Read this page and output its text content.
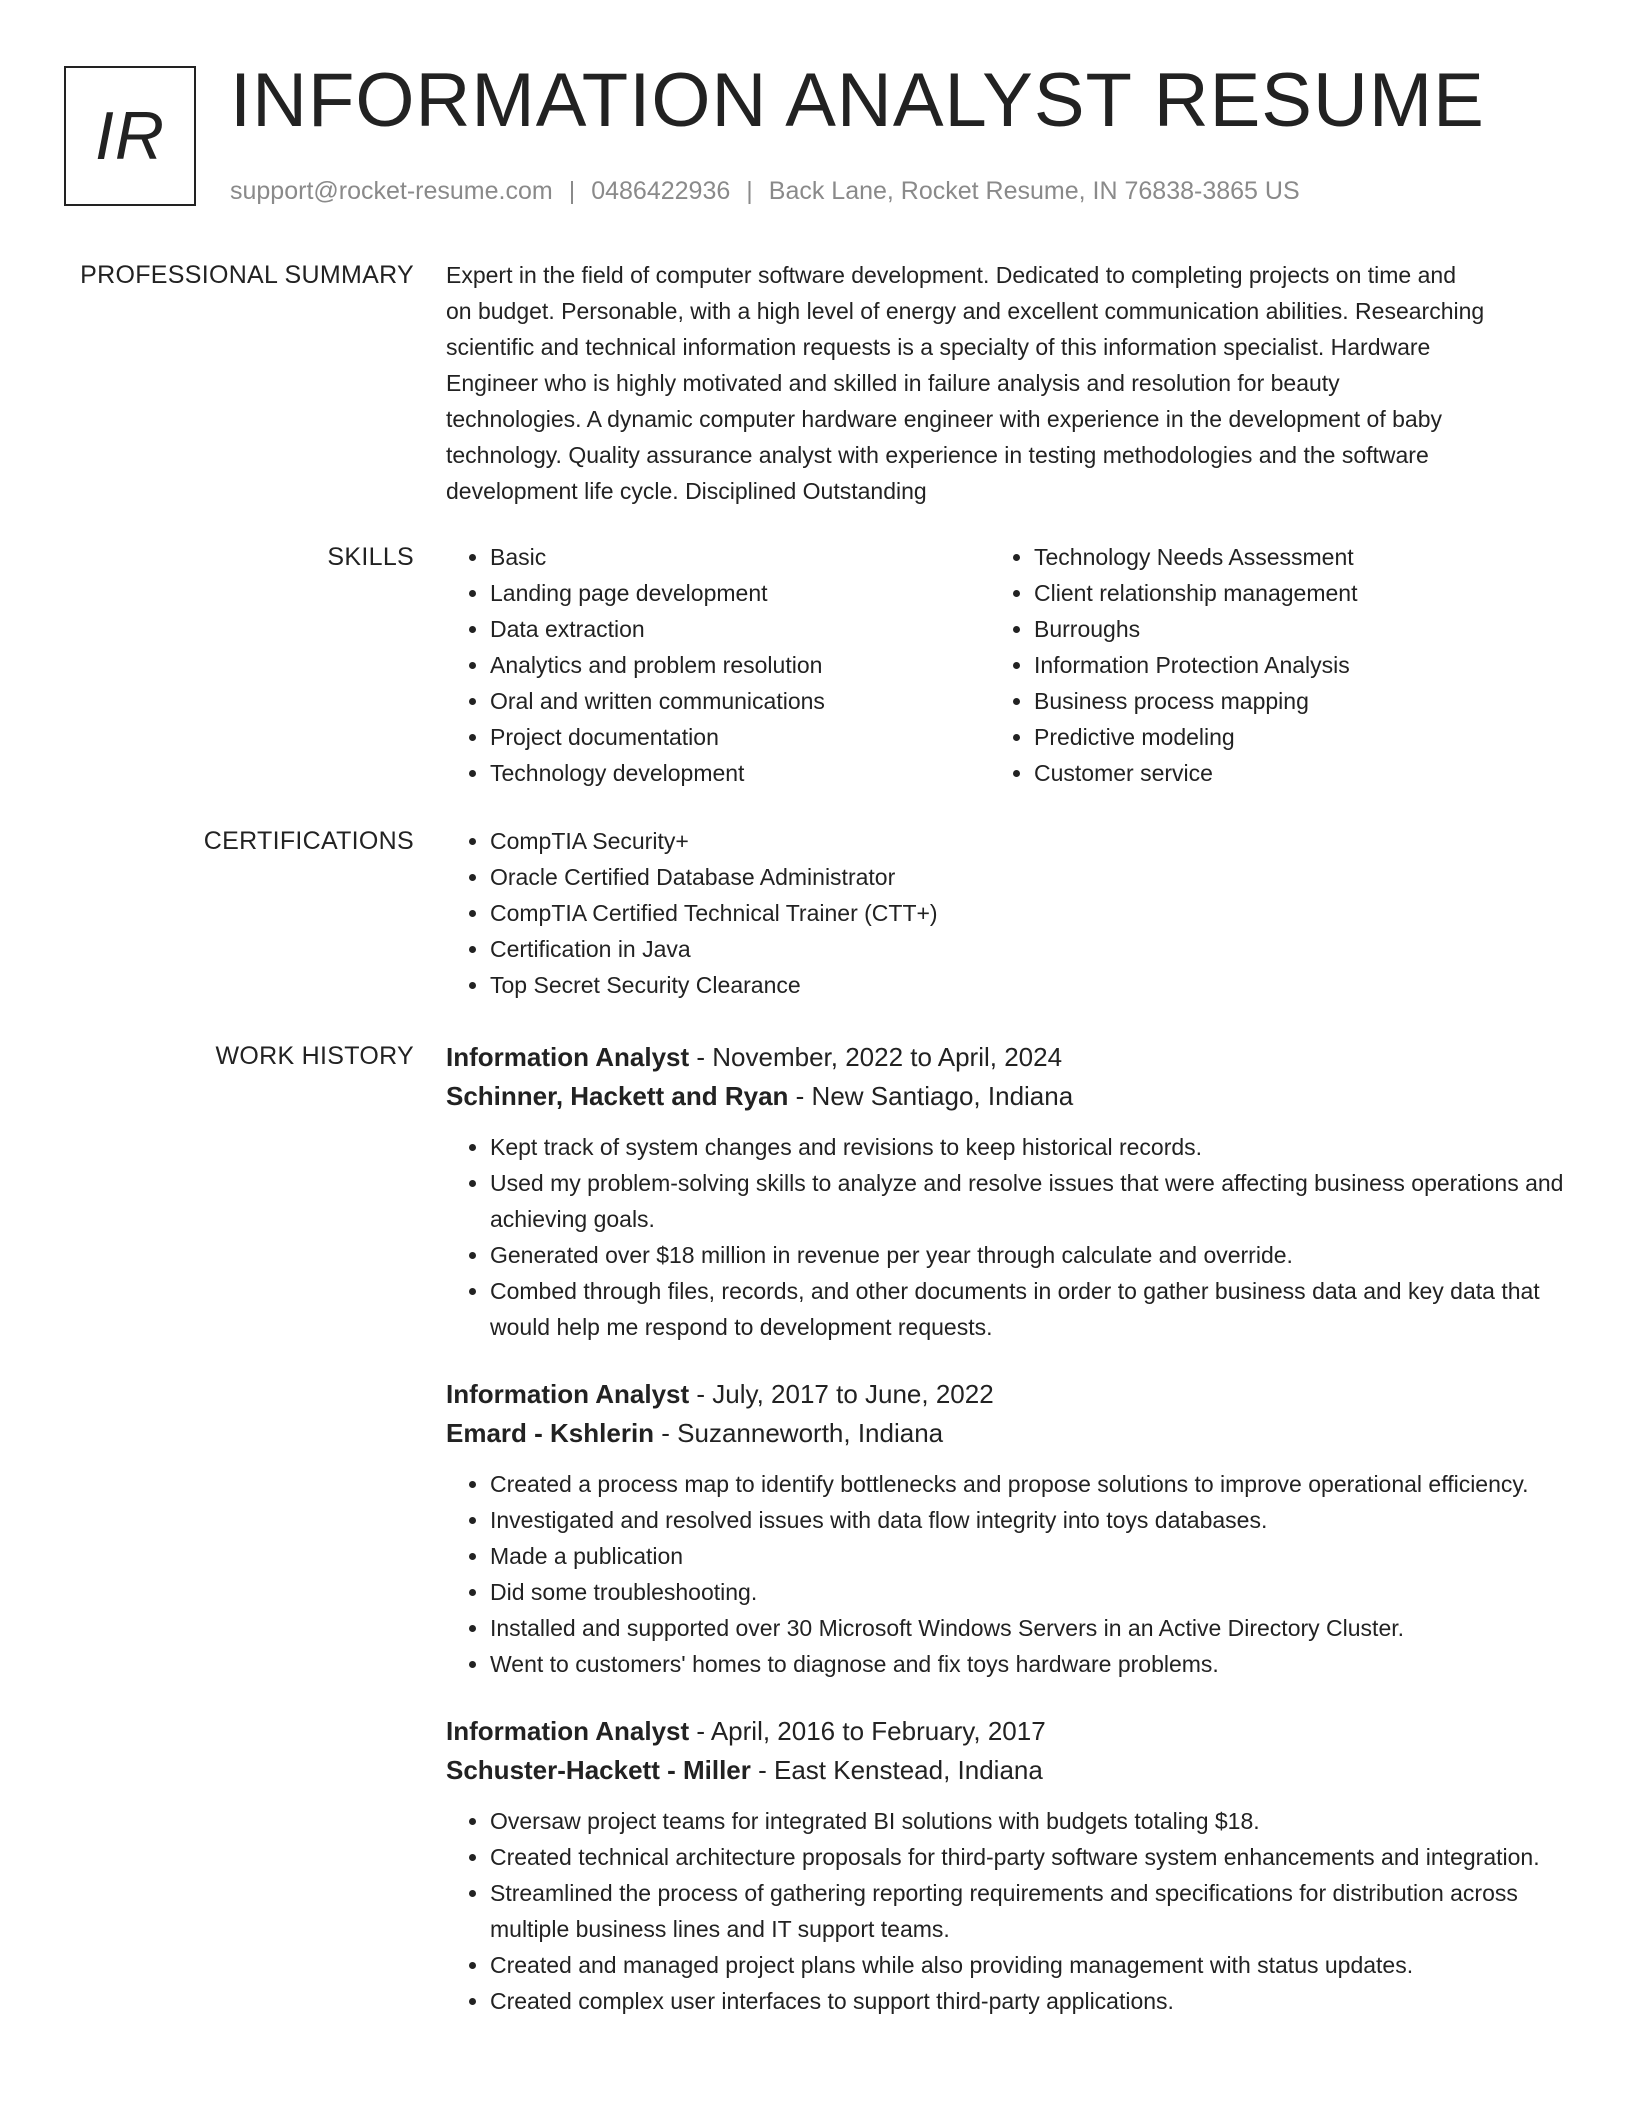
IR INFORMATION ANALYST RESUME
support@rocket-resume.com | 0486422936 | Back Lane, Rocket Resume, IN 76838-3865 US
PROFESSIONAL SUMMARY Expert in the field of computer software development. Dedicated to completing projects on time and
on budget. Personable, with a high level of energy and excellent communication abilities. Researching
scientific and technical information requests is a specialty of this information specialist. Hardware
Engineer who is highly motivated and skilled in failure analysis and resolution for beauty
technologies. A dynamic computer hardware engineer with experience in the development of baby
technology. Quality assurance analyst with experience in testing methodologies and the software
development life cycle. Disciplined Outstanding

SKILLS	• Basic
• Landing page development
• Data extraction
• Analytics and problem resolution
• Oral and written communications
• Project documentation
• Technology development
• Technology Needs Assessment
• Client relationship management
• Burroughs
• Information Protection Analysis
• Business process mapping
• Predictive modeling
• Customer service
CERTIFICATIONS	• CompTIA Security+
• Oracle Certified Database Administrator
• CompTIA Certified Technical Trainer (CTT+)
• Certification in Java
• Top Secret Security Clearance
WORK HISTORY Information Analyst - November, 2022 to April, 2024
Schinner, Hackett and Ryan - New Santiago, Indiana
• Kept track of system changes and revisions to keep historical records.
• Used my problem-solving skills to analyze and resolve issues that were affecting business operations and achieving goals.
• Generated over $18 million in revenue per year through calculate and override.
• Combed through files, records, and other documents in order to gather business data and key data that would help me respond to development requests.
Information Analyst - July, 2017 to June, 2022
Emard - Kshlerin - Suzanneworth, Indiana
• Created a process map to identify bottlenecks and propose solutions to improve operational efficiency.
• Investigated and resolved issues with data flow integrity into toys databases.
• Made a publication
• Did some troubleshooting.
• Installed and supported over 30 Microsoft Windows Servers in an Active Directory Cluster.
• Went to customers' homes to diagnose and fix toys hardware problems.
Information Analyst - April, 2016 to February, 2017
Schuster-Hackett - Miller - East Kenstead, Indiana
• Oversaw project teams for integrated BI solutions with budgets totaling $18.
• Created technical architecture proposals for third-party software system enhancements and integration.
• Streamlined the process of gathering reporting requirements and specifications for distribution across multiple business lines and IT support teams.
• Created and managed project plans while also providing management with status updates.
• Created complex user interfaces to support third-party applications.
